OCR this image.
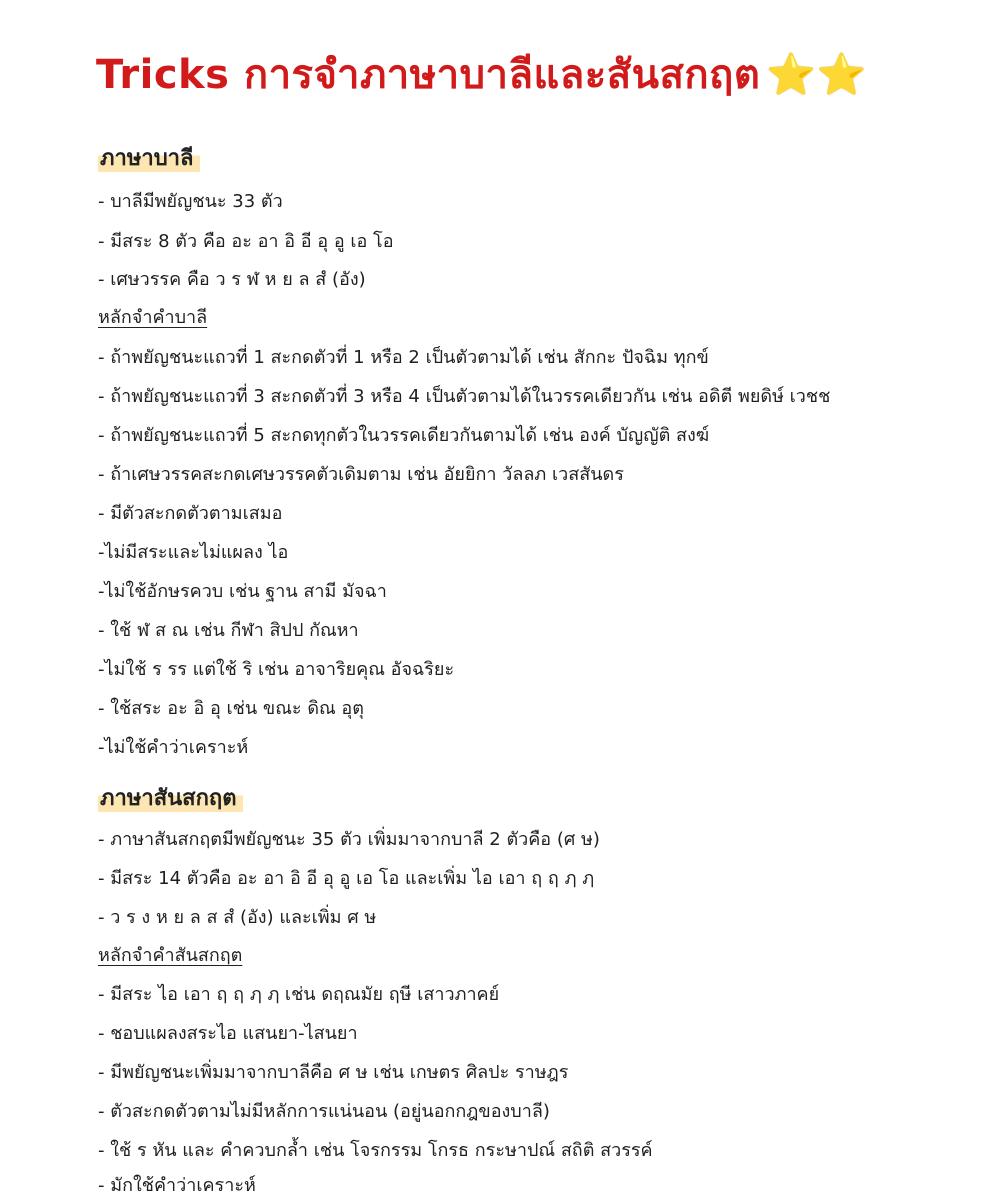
Tricks การจำภาษาบาลีและสันสกฤต ⭐⭐
ภาษาบาลี
- บาลีมีพยัญชนะ 33 ตัว
- มีสระ 8 ตัว คือ อะ อา อิ อี อุ อู เอ โอ
- เศษวรรค คือ ว ร ฬ ห ย ล สํ (อัง)
หลักจำคำบาลี
- ถ้าพยัญชนะแถวที่ 1 สะกดตัวที่ 1 หรือ 2 เป็นตัวตามได้ เช่น สักกะ ปัจฉิม ทุกข์
- ถ้าพยัญชนะแถวที่ 3 สะกดตัวที่ 3 หรือ 4 เป็นตัวตามได้ในวรรคเดียวกัน เช่น อดิตี พยดิษ์ เวชช
- ถ้าพยัญชนะแถวที่ 5 สะกดทุกตัวในวรรคเดียวกันตามได้ เช่น องค์ บัญญัติ สงฆ์
- ถ้าเศษวรรคสะกดเศษวรรคตัวเดิมตาม เช่น อัยยิกา วัลลภ เวสสันดร
- มีตัวสะกดตัวตามเสมอ
-ไม่มีสระและไม่แผลง ไอ
-ไม่ใช้อักษรควบ เช่น ฐาน สามี มัจฉา
- ใช้ ฬ ส ณ เช่น กีฬา สิปป กัณหา
-ไม่ใช้ ร รร แต่ใช้ ริ เช่น อาจาริยคุณ อัจฉริยะ
- ใช้สระ อะ อิ อุ เช่น ขณะ ดิณ อุตุ
-ไม่ใช้คำว่าเคราะห์
ภาษาสันสกฤต
- ภาษาสันสกฤตมีพยัญชนะ 35 ตัว เพิ่มมาจากบาลี 2 ตัวคือ (ศ ษ)
- มีสระ 14 ตัวคือ อะ อา อิ อี อุ อู เอ โอ และเพิ่ม ไอ เอา ฤ ฤ ฦ ฦ
- ว ร ง ห ย ล ส สํ (อัง) และเพิ่ม ศ ษ
หลักจำคำสันสกฤต
- มีสระ ไอ เอา ฤ ฤ ฦ ฦ เช่น ดฤณมัย ฤษี เสาวภาคย์
- ชอบแผลงสระไอ แสนยา-ไสนยา
- มีพยัญชนะเพิ่มมาจากบาลีคือ ศ ษ เช่น เกษตร ศิลปะ ราษฎร
- ตัวสะกดตัวตามไม่มีหลักการแน่นอน (อยู่นอกกฎของบาลี)
- ใช้ ร หัน และ คำควบกล้ำ เช่น โจรกรรม โกรธ กระษาปณ์ สถิติ สวรรค์
- มักใช้คำว่าเคราะห์
